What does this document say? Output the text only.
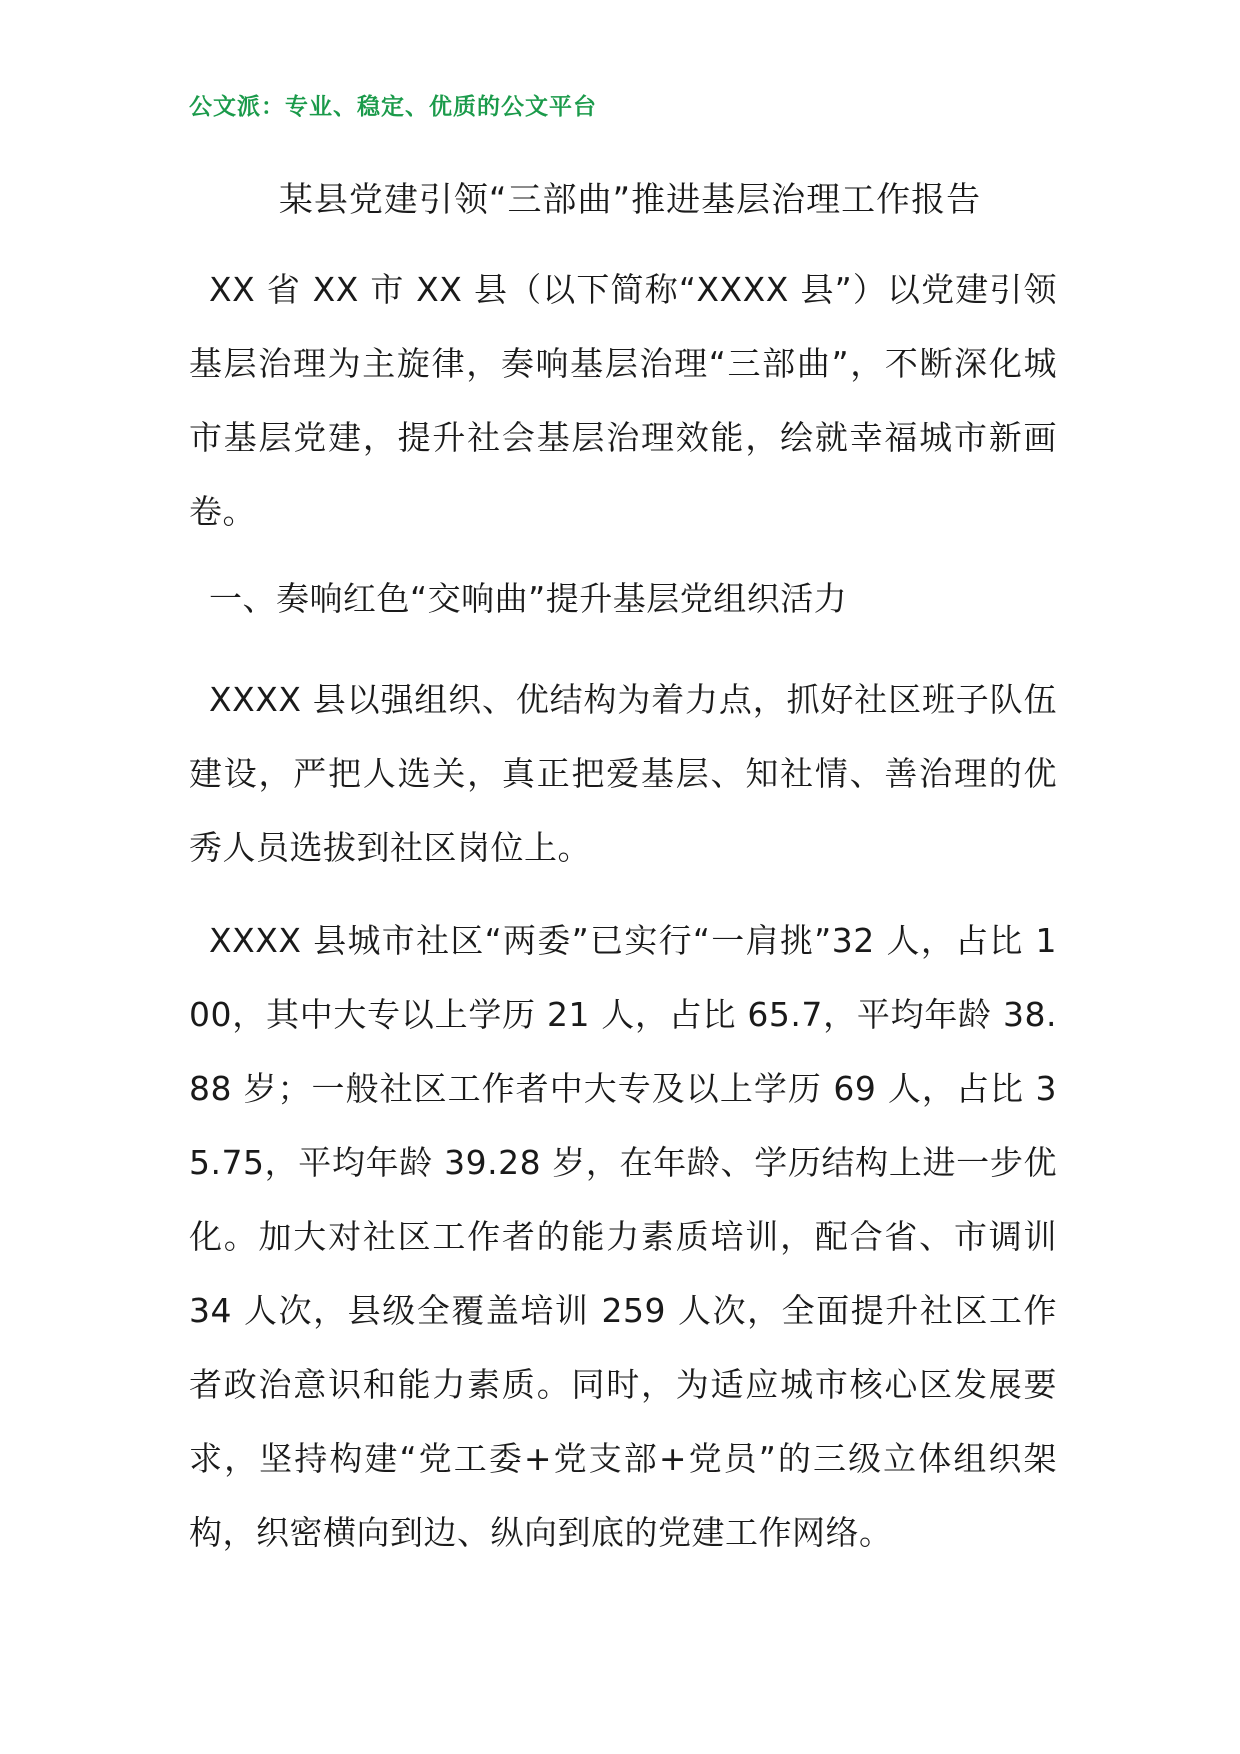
公文派：专业、稳定、优质的公文平台
某县党建引领“三部曲”推进基层治理工作报告
XX 省 XX 市 XX 县（以下简称“XXXX 县”）以党建引领基层治理为主旋律，奏响基层治理“三部曲”，不断深化城市基层党建，提升社会基层治理效能，绘就幸福城市新画卷。
一、奏响红色“交响曲”提升基层党组织活力
XXXX 县以强组织、优结构为着力点，抓好社区班子队伍建设，严把人选关，真正把爱基层、知社情、善治理的优秀人员选拔到社区岗位上。
XXXX 县城市社区“两委”已实行“一肩挑”32 人，占比 100，其中大专以上学历 21 人，占比 65.7，平均年龄 38.88 岁；一般社区工作者中大专及以上学历 69 人，占比 35.75，平均年龄 39.28 岁，在年龄、学历结构上进一步优化。加大对社区工作者的能力素质培训，配合省、市调训 34 人次，县级全覆盖培训 259 人次，全面提升社区工作者政治意识和能力素质。同时，为适应城市核心区发展要求，坚持构建“党工委+党支部+党员”的三级立体组织架构，织密横向到边、纵向到底的党建工作网络。
